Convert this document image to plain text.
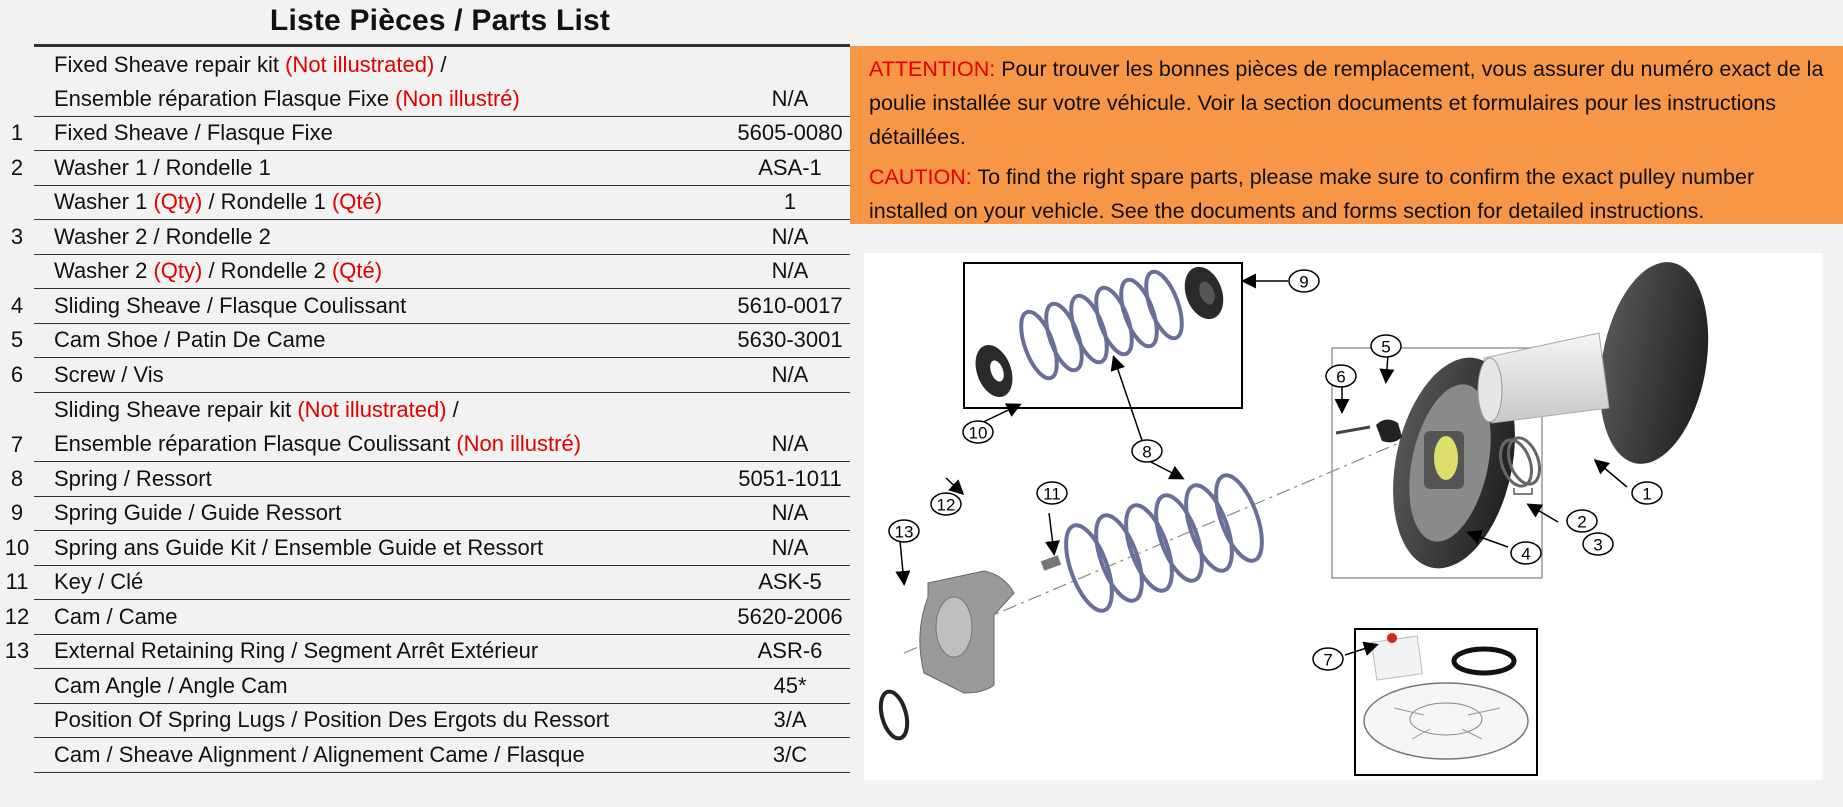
Liste Pièces / Parts List
	Fixed Sheave repair kit (Not illustrated) /	
	Ensemble réparation Flasque Fixe (Non illustré)	N/A
1	Fixed Sheave / Flasque Fixe	5605-0080
2	Washer 1 / Rondelle 1	ASA-1
	Washer 1 (Qty) / Rondelle 1 (Qté)	1
3	Washer 2 / Rondelle 2	N/A
	Washer 2 (Qty) / Rondelle 2 (Qté)	N/A
4	Sliding Sheave / Flasque Coulissant	5610-0017
5	Cam Shoe / Patin De Came	5630-3001
6	Screw / Vis	N/A
	Sliding Sheave repair kit (Not illustrated) /	
7	Ensemble réparation Flasque Coulissant (Non illustré)	N/A
8	Spring / Ressort	5051-1011
9	Spring Guide / Guide Ressort	N/A
10	Spring ans Guide Kit / Ensemble Guide et Ressort	N/A
11	Key / Clé	ASK-5
12	Cam / Came	5620-2006
13	External Retaining Ring / Segment Arrêt Extérieur	ASR-6
	Cam Angle / Angle Cam	45*
	Position Of Spring Lugs / Position Des Ergots du Ressort	3/A
	Cam / Sheave Alignment / Alignement Came / Flasque	3/C

ATTENTION: Pour trouver les bonnes pièces de remplacement, vous assurer du numéro exact de la poulie installée sur votre véhicule. Voir la section documents et formulaires pour les instructions détaillées.

CAUTION: To find the right spare parts, please make sure to confirm the exact pulley number installed on your vehicle. See the documents and forms section for detailed instructions.

1
2
3
4
5
6
7
8
9
10
11
12
13
